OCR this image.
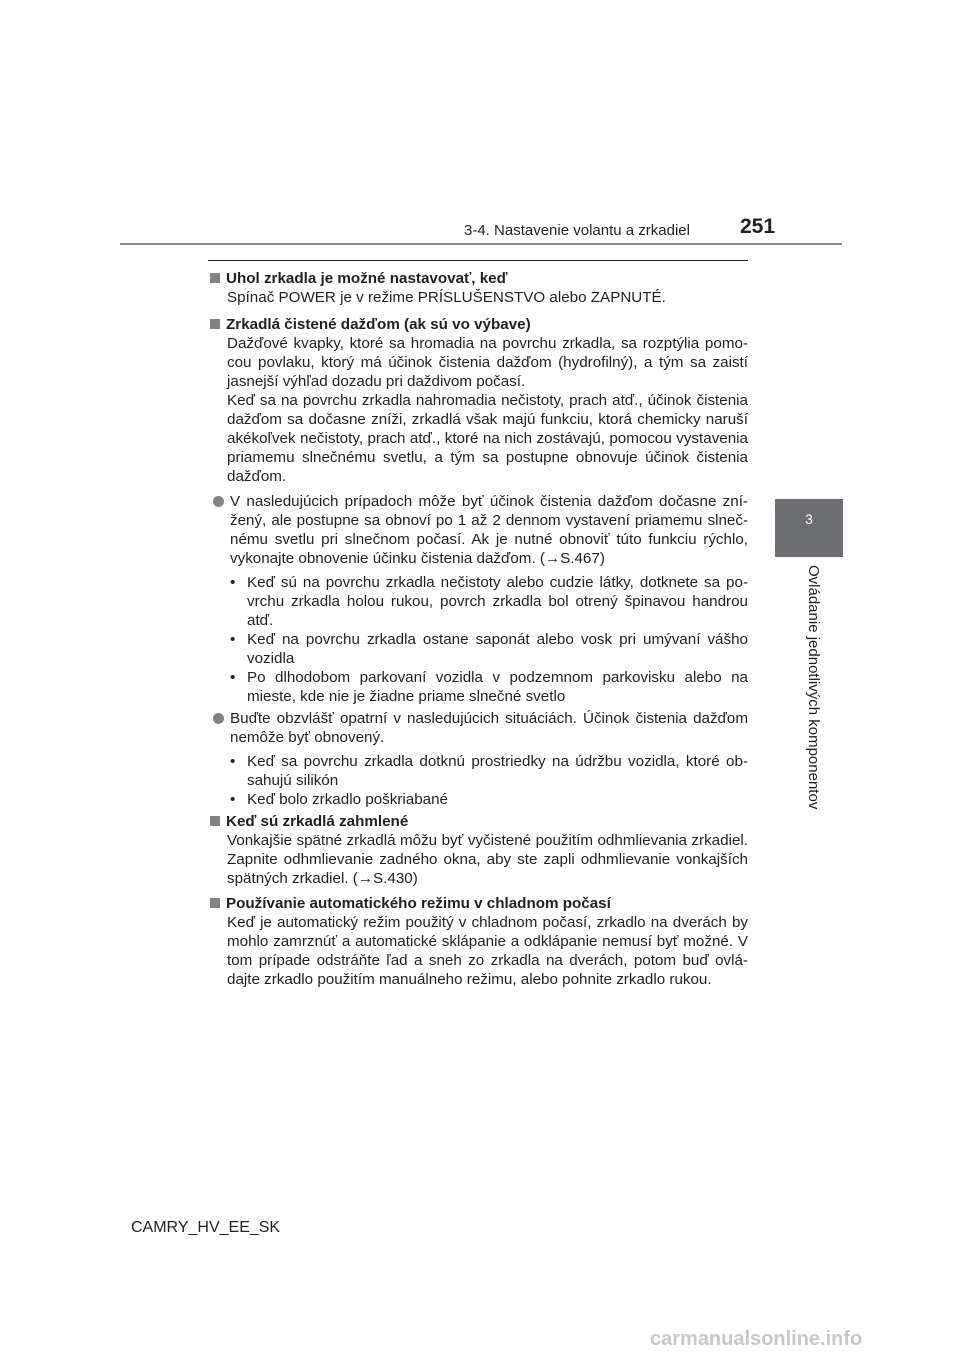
3-4. Nastavenie volantu a zrkadiel 251
3
Ovládanie jednotlivých komponentov
Uhol zrkadla je možné nastavovať, keď
Spínač POWER je v režime PRÍSLUŠENSTVO alebo ZAPNUTÉ.
Zrkadlá čistené dažďom (ak sú vo výbave)
Dažďové kvapky, ktoré sa hromadia na povrchu zrkadla, sa rozptýlia pomo-cou povlaku, ktorý má účinok čistenia dažďom (hydrofilný), a tým sa zaistí jasnejší výhľad dozadu pri daždivom počasí.
Keď sa na povrchu zrkadla nahromadia nečistoty, prach atď., účinok čistenia dažďom sa dočasne zníži, zrkadlá však majú funkciu, ktorá chemicky naruší akékoľvek nečistoty, prach atď., ktoré na nich zostávajú, pomocou vystavenia priamemu slnečnému svetlu, a tým sa postupne obnovuje účinok čistenia dažďom.
V nasledujúcich prípadoch môže byť účinok čistenia dažďom dočasne zní-žený, ale postupne sa obnoví po 1 až 2 dennom vystavení priamemu slneč-nému svetlu pri slnečnom počasí. Ak je nutné obnoviť túto funkciu rýchlo, vykonajte obnovenie účinku čistenia dažďom. (→S.467)
• Keď sú na povrchu zrkadla nečistoty alebo cudzie látky, dotknete sa po-vrchu zrkadla holou rukou, povrch zrkadla bol otrený špinavou handrou atď.
• Keď na povrchu zrkadla ostane saponát alebo vosk pri umývaní vášho vozidla
• Po dlhodobom parkovaní vozidla v podzemnom parkovisku alebo na mieste, kde nie je žiadne priame slnečné svetlo
Buďte obzvlášť opatrní v nasledujúcich situáciách. Účinok čistenia dažďom nemôže byť obnovený.
• Keď sa povrchu zrkadla dotknú prostriedky na údržbu vozidla, ktoré ob-sahujú silikón
• Keď bolo zrkadlo poškriabané
Keď sú zrkadlá zahmlené
Vonkajšie spätné zrkadlá môžu byť vyčistené použitím odhmlievania zrkadiel. Zapnite odhmlievanie zadného okna, aby ste zapli odhmlievanie vonkajších spätných zrkadiel. (→S.430)
Používanie automatického režimu v chladnom počasí
Keď je automatický režim použitý v chladnom počasí, zrkadlo na dverách by mohlo zamrznúť a automatické sklápanie a odklápanie nemusí byť možné. V tom prípade odstráňte ľad a sneh zo zrkadla na dverách, potom buď ovlá-dajte zrkadlo použitím manuálneho režimu, alebo pohnite zrkadlo rukou.
CAMRY_HV_EE_SK
carmanualsonline.info
